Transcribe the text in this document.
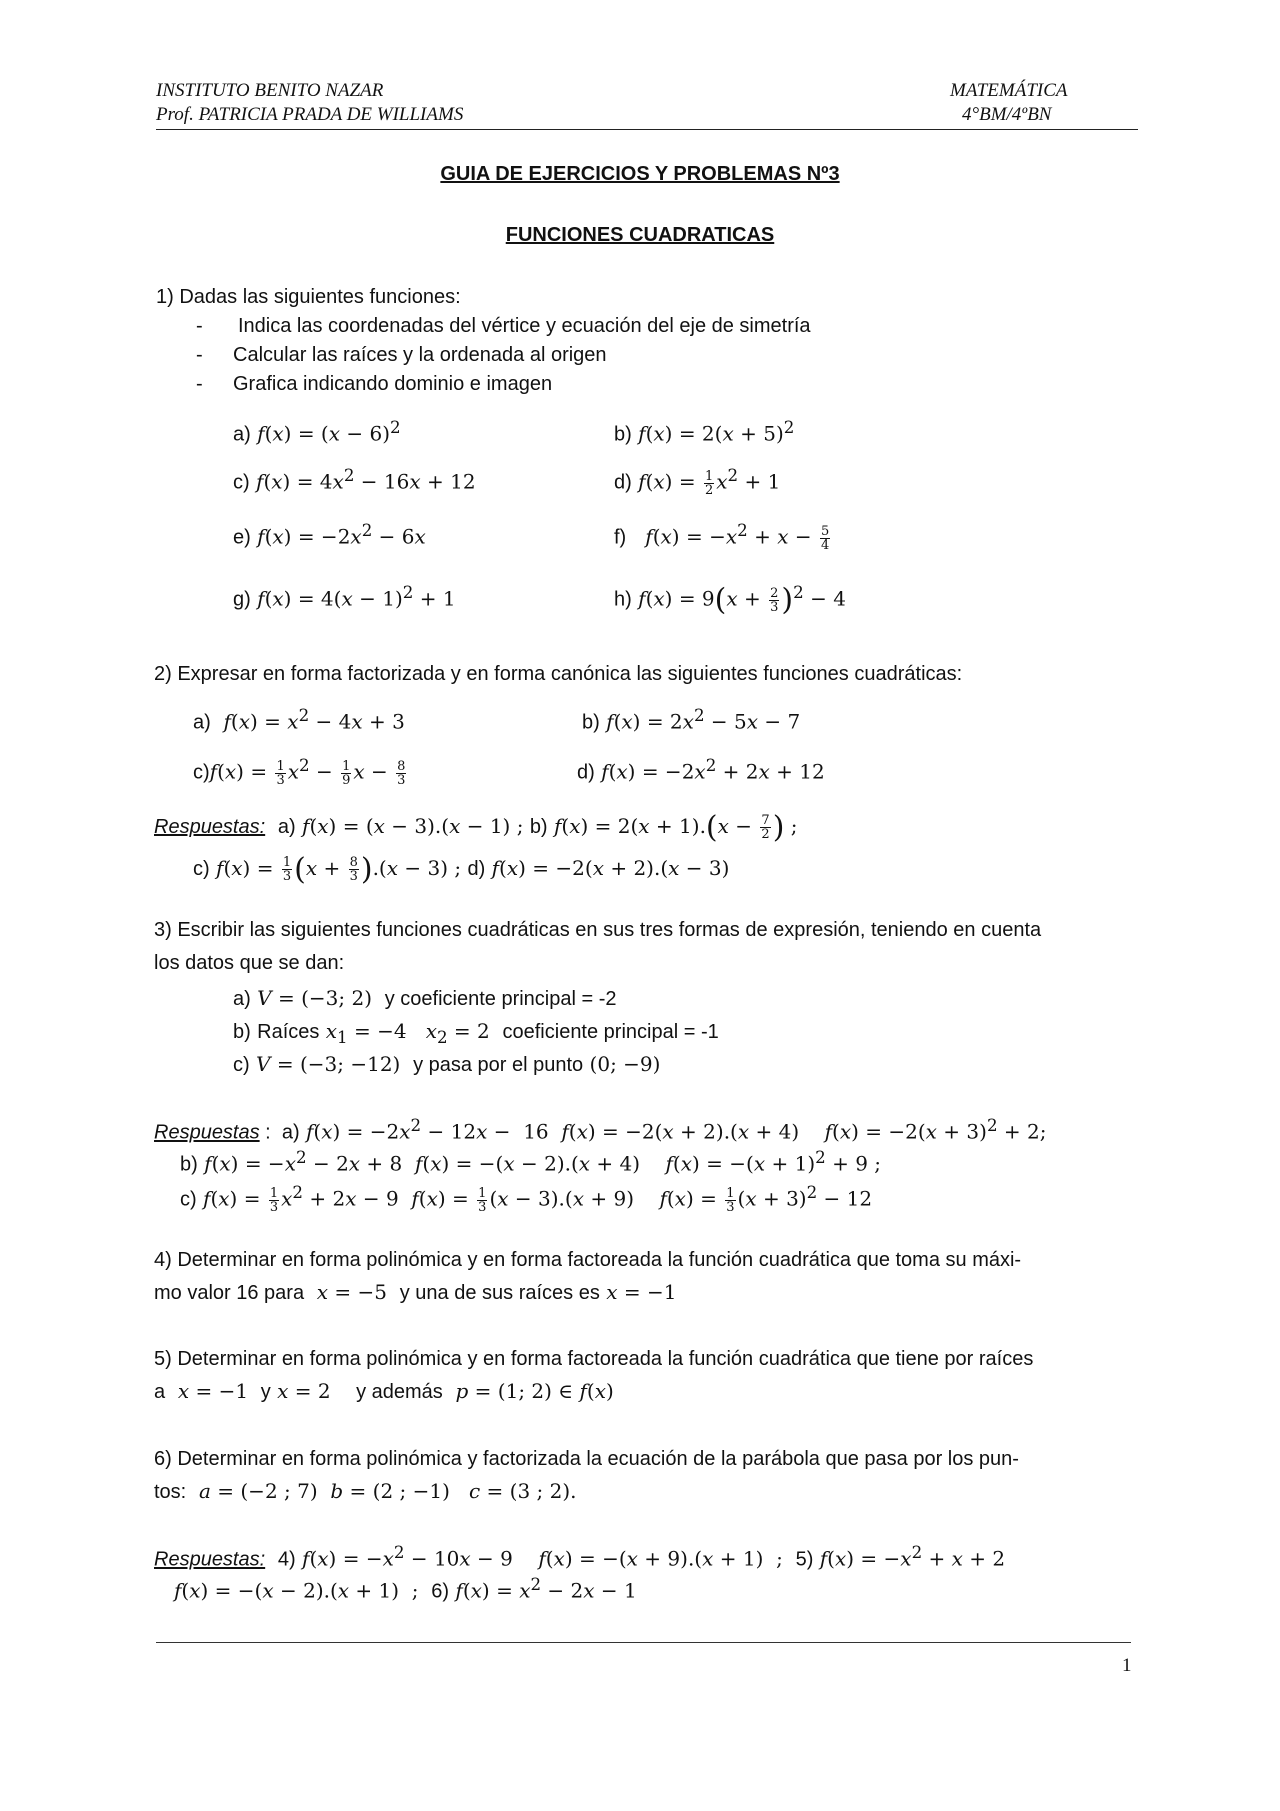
INSTITUTO BENITO NAZAR
Prof. PATRICIA PRADA DE WILLIAMS
MATEMÁTICA
4°BM/4ºBN
GUIA DE EJERCICIOS Y PROBLEMAS Nº3
FUNCIONES CUADRATICAS
1) Dadas las siguientes funciones:
- Indica las coordenadas del vértice y ecuación del eje de simetría
- Calcular las raíces y la ordenada al origen
- Grafica indicando dominio e imagen
a) $f(x) = (x - 6)^2$	b) $f(x) = 2(x + 5)^2$
c) $f(x) = 4x^2 - 16x + 12$	d) $f(x) = \frac{1}{2} x^2 + 1$
e) $f(x) = -2x^2 - 6x$	f) $f(x) = -x^2 + x - \frac{5}{4}$
g) $f(x) = 4(x - 1)^2 + 1$	h) $f(x) = 9(x + \frac{2}{3} )^2 - 4$
2) Expresar en forma factorizada y en forma canónica las siguientes funciones cuadráticas:
a) $f(x) = x^2 - 4x + 3$	b) $f(x) = 2x^2 - 5x - 7$
$c)f(x) = \frac{1}{3} x^2 - \frac{1}{9}$ $x - \frac{8}{3}$	d) $f(x) = -2x^2 + 2x + 12$
Respuestas: a) f(x) = (x − 3).(x − 1) ; b) $f(x) = 2(x + 1).(x - \frac{7}{2}$ ) ;
c) $f(x) = \frac{1}{3} (x + \frac{8}{3} ).(x - 3)$ ; d) f(x) = −2(x + 2).(x − 3)
3) Escribir las siguientes funciones cuadráticas en sus tres formas de expresión, teniendo en cuenta
los datos que se dan:
a) V = (−3; 2)  y coeficiente principal = -2
b) Raíces $x_1 = -4$   $x_2 = 2$  coeficiente principal = -1
c) V = (−3; −12)  y pasa por el punto (0; −9)
Respuestas :  a) $f(x) = -2x^2 - 12x - 16$  f(x) = −2(x + 2).(x + 4)    $f(x) = -2(x + 3)^2 + 2$;
b) $f(x) = -x^2 - 2x + 8$  f(x) = −(x − 2).(x + 4)    $f(x) = -(x + 1)^2 + 9$ ;
c) $f(x) = \frac{1}{3} x^2 + 2x - 9$  $f(x) = \frac{1}{3} (x - 3).(x + 9)$    $f(x) = \frac{1}{3} (x + 3)^2 - 12$
4) Determinar en forma polinómica y en forma factoreada la función cuadrática que toma su máxi-
mo valor 16 para x = −5  y una de sus raíces es x = −1
5) Determinar en forma polinómica y en forma factoreada la función cuadrática que tiene por raíces
a x = −1  y x = 2    y además p = (1; 2) ∈ f(x)
6) Determinar en forma polinómica y factorizada la ecuación de la parábola que pasa por los pun-
tos: a = (−2 ; 7)  b = (2 ; −1)   c = (3 ; 2).
Respuestas: 4) $f(x) = -x^2 - 10x - 9$    f(x) = −(x + 9).(x + 1)  ;  5) $f(x) = -x^2 + x + 2$
f(x) = −(x − 2).(x + 1)  ;  6) $f(x) = x^2 - 2x - 1$
1
